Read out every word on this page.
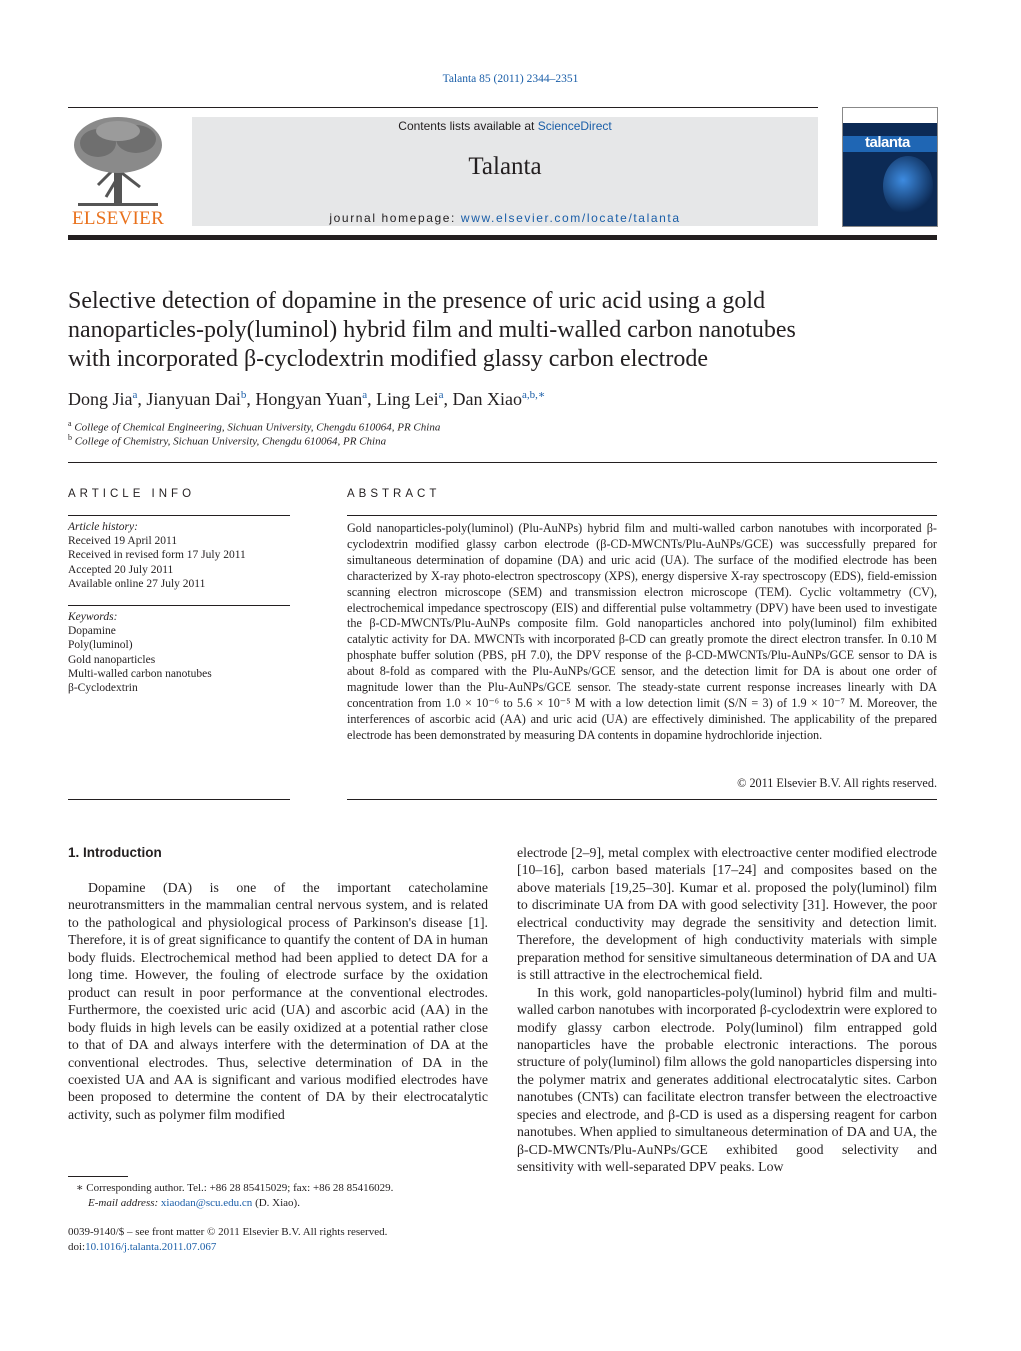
Talanta 85 (2011) 2344–2351
ELSEVIER
Contents lists available at ScienceDirect
Talanta
journal homepage: www.elsevier.com/locate/talanta
talanta
Selective detection of dopamine in the presence of uric acid using a gold
nanoparticles-poly(luminol) hybrid film and multi-walled carbon nanotubes
with incorporated β-cyclodextrin modified glassy carbon electrode
Dong Jia$^a$, Jianyuan Dai$^b$, Hongyan Yuan$^a$, Ling Lei$^a$, Dan Xiao$^{a,b,∗}$
$^a$ College of Chemical Engineering, Sichuan University, Chengdu 610064, PR China
$^b$ College of Chemistry, Sichuan University, Chengdu 610064, PR China
ARTICLE INFO
Article history:
Received 19 April 2011
Received in revised form 17 July 2011
Accepted 20 July 2011
Available online 27 July 2011
Keywords:
Dopamine
Poly(luminol)
Gold nanoparticles
Multi-walled carbon nanotubes
β-Cyclodextrin
ABSTRACT
Gold nanoparticles-poly(luminol) (Plu-AuNPs) hybrid film and multi-walled carbon nanotubes with incorporated β-cyclodextrin modified glassy carbon electrode (β-CD-MWCNTs/Plu-AuNPs/GCE) was successfully prepared for simultaneous determination of dopamine (DA) and uric acid (UA). The surface of the modified electrode has been characterized by X-ray photo-electron spectroscopy (XPS), energy dispersive X-ray spectroscopy (EDS), field-emission scanning electron microscope (SEM) and transmission electron microscope (TEM). Cyclic voltammetry (CV), electrochemical impedance spectroscopy (EIS) and differential pulse voltammetry (DPV) have been used to investigate the β-CD-MWCNTs/Plu-AuNPs composite film. Gold nanoparticles anchored into poly(luminol) film exhibited catalytic activity for DA. MWCNTs with incorporated β-CD can greatly promote the direct electron transfer. In 0.10 M phosphate buffer solution (PBS, pH 7.0), the DPV response of the β-CD-MWCNTs/Plu-AuNPs/GCE sensor to DA is about 8-fold as compared with the Plu-AuNPs/GCE sensor, and the detection limit for DA is about one order of magnitude lower than the Plu-AuNPs/GCE sensor. The steady-state current response increases linearly with DA concentration from 1.0 × 10⁻⁶ to 5.6 × 10⁻⁵ M with a low detection limit (S/N = 3) of 1.9 × 10⁻⁷ M. Moreover, the interferences of ascorbic acid (AA) and uric acid (UA) are effectively diminished. The applicability of the prepared electrode has been demonstrated by measuring DA contents in dopamine hydrochloride injection.
© 2011 Elsevier B.V. All rights reserved.
1. Introduction

Dopamine (DA) is one of the important catecholamine neurotransmitters in the mammalian central nervous system, and is related to the pathological and physiological process of Parkinson's disease [1]. Therefore, it is of great significance to quantify the content of DA in human body fluids. Electrochemical method had been applied to detect DA for a long time. However, the fouling of electrode surface by the oxidation product can result in poor performance at the conventional electrodes. Furthermore, the coexisted uric acid (UA) and ascorbic acid (AA) in the body fluids in high levels can be easily oxidized at a potential rather close to that of DA and always interfere with the determination of DA at the conventional electrodes. Thus, selective determination of DA in the coexisted UA and AA is significant and various modified electrodes have been proposed to determine the content of DA by their electrocatalytic activity, such as polymer film modified

electrode [2–9], metal complex with electroactive center modified electrode [10–16], carbon based materials [17–24] and composites based on the above materials [19,25–30]. Kumar et al. proposed the poly(luminol) film to discriminate UA from DA with good selectivity [31]. However, the poor electrical conductivity may degrade the sensitivity and detection limit. Therefore, the development of high conductivity materials with simple preparation method for sensitive simultaneous determination of DA and UA is still attractive in the electrochemical field.

In this work, gold nanoparticles-poly(luminol) hybrid film and multi-walled carbon nanotubes with incorporated β-cyclodextrin were explored to modify glassy carbon electrode. Poly(luminol) film entrapped gold nanoparticles have the probable electronic interactions. The porous structure of poly(luminol) film allows the gold nanoparticles dispersing into the polymer matrix and generates additional electrocatalytic sites. Carbon nanotubes (CNTs) can facilitate electron transfer between the electroactive species and electrode, and β-CD is used as a dispersing reagent for carbon nanotubes. When applied to simultaneous determination of DA and UA, the β-CD-MWCNTs/Plu-AuNPs/GCE exhibited good selectivity and sensitivity with well-separated DPV peaks. Low

∗ Corresponding author. Tel.: +86 28 85415029; fax: +86 28 85416029.
E-mail address: xiaodan@scu.edu.cn (D. Xiao).
0039-9140/$ – see front matter © 2011 Elsevier B.V. All rights reserved.
doi:10.1016/j.talanta.2011.07.067
